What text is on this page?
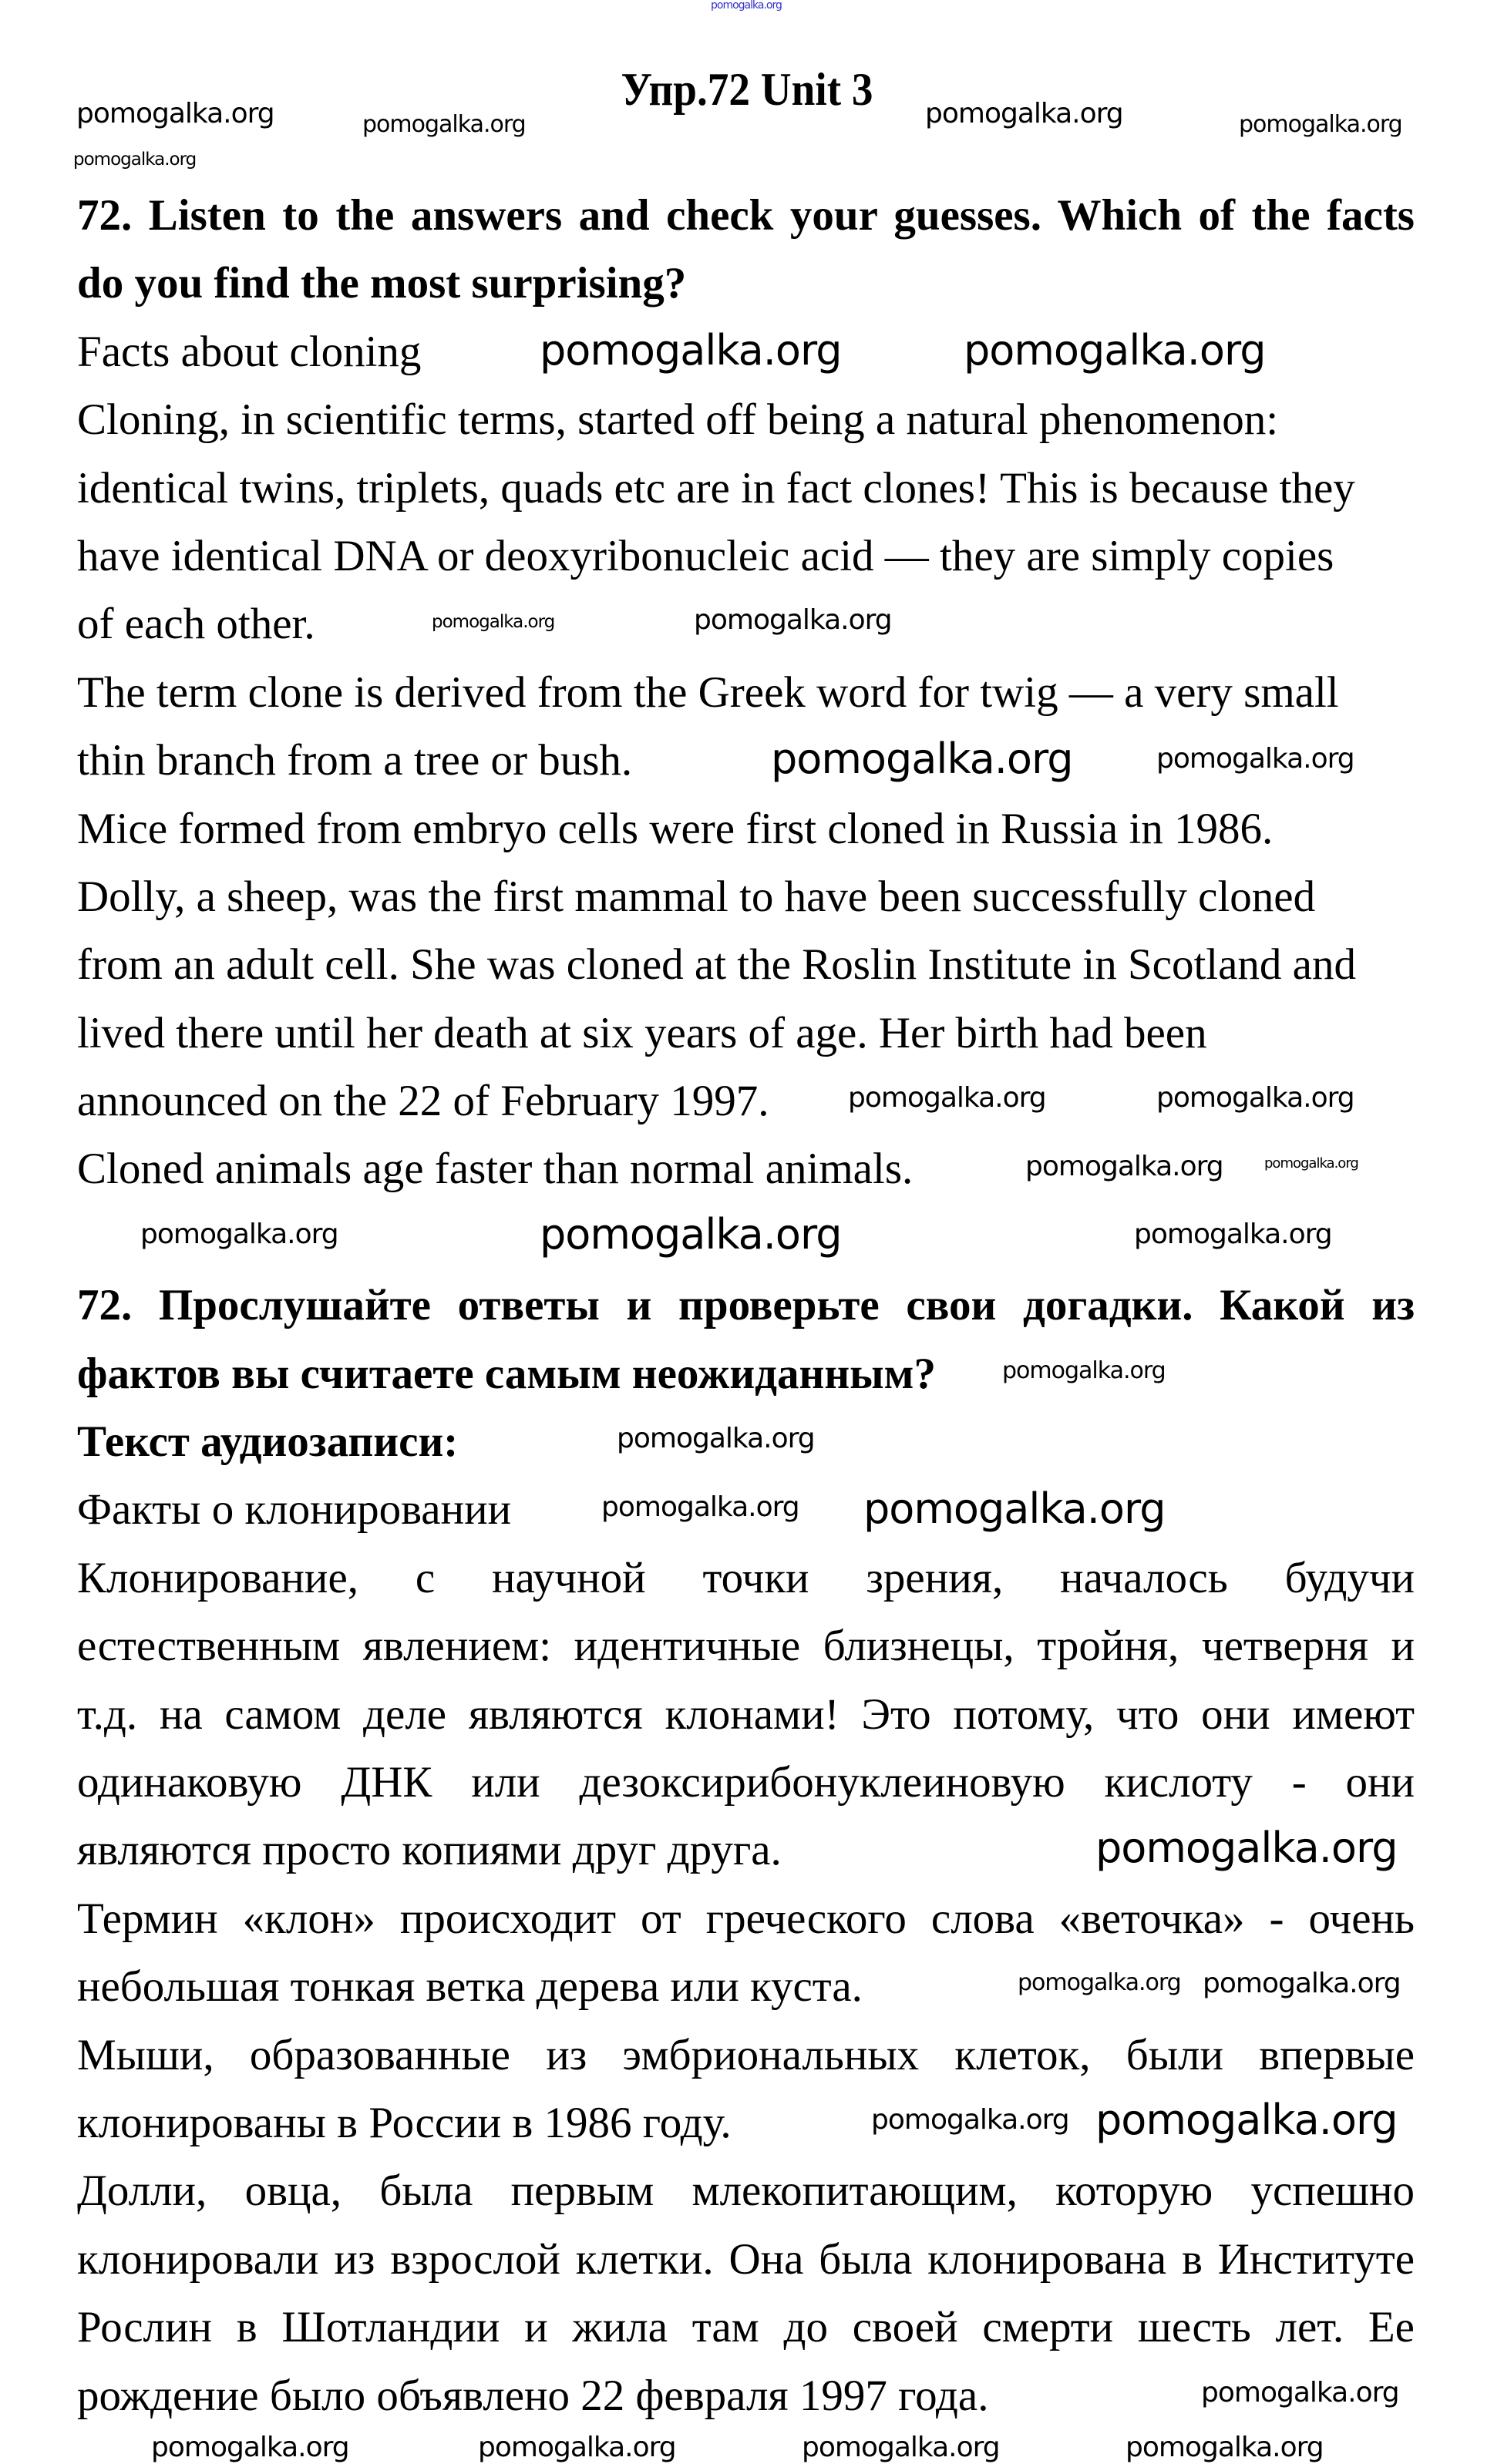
Упр.72 Unit 3
72. Listen to the answers and check your guesses. Which of the facts
do you find the most surprising?
Facts about cloning
Cloning, in scientific terms, started off being a natural phenomenon:
identical twins, triplets, quads etc are in fact clones! This is because they
have identical DNA or deoxyribonucleic acid — they are simply copies
of each other.
The term clone is derived from the Greek word for twig — a very small
thin branch from a tree or bush.
Mice formed from embryo cells were first cloned in Russia in 1986.
Dolly, a sheep, was the first mammal to have been successfully cloned
from an adult cell. She was cloned at the Roslin Institute in Scotland and
lived there until her death at six years of age. Her birth had been
announced on the 22 of February 1997.
Cloned animals age faster than normal animals.
72. Прослушайте ответы и проверьте свои догадки. Какой из
фактов вы считаете самым неожиданным?
Текст аудиозаписи:
Факты о клонировании
Клонирование, с научной точки зрения, началось будучи
естественным явлением: идентичные близнецы, тройня, четверня и
т.д. на самом деле являются клонами! Это потому, что они имеют
одинаковую ДНК или дезоксирибонуклеиновую кислоту - они
являются просто копиями друг друга.
Термин «клон» происходит от греческого слова «веточка» - очень
небольшая тонкая ветка дерева или куста.
Мыши, образованные из эмбриональных клеток, были впервые
клонированы в России в 1986 году.
Долли, овца, была первым млекопитающим, которую успешно
клонировали из взрослой клетки. Она была клонирована в Институте
Рослин в Шотландии и жила там до своей смерти шесть лет. Ее
рождение было объявлено 22 февраля 1997 года.
pomogalka.org
pomogalka.org	pomogalka.org	pomogalka.org	pomogalka.org
pomogalka.org
pomogalka.org	pomogalka.org
pomogalka.org	pomogalka.org
pomogalka.org
pomogalka.org
pomogalka.org	pomogalka.org
pomogalka.org
pomogalka.org	pomogalka.org
pomogalka.org
pomogalka.org
pomogalka.org
pomogalka.org
pomogalka.org
pomogalka.org
pomogalka.org
pomogalka.org
pomogalka.org pomogalka.org
pomogalka.org	pomogalka.org	pomogalka.org	pomogalka.org
pomogalka.org
pomogalka.org
